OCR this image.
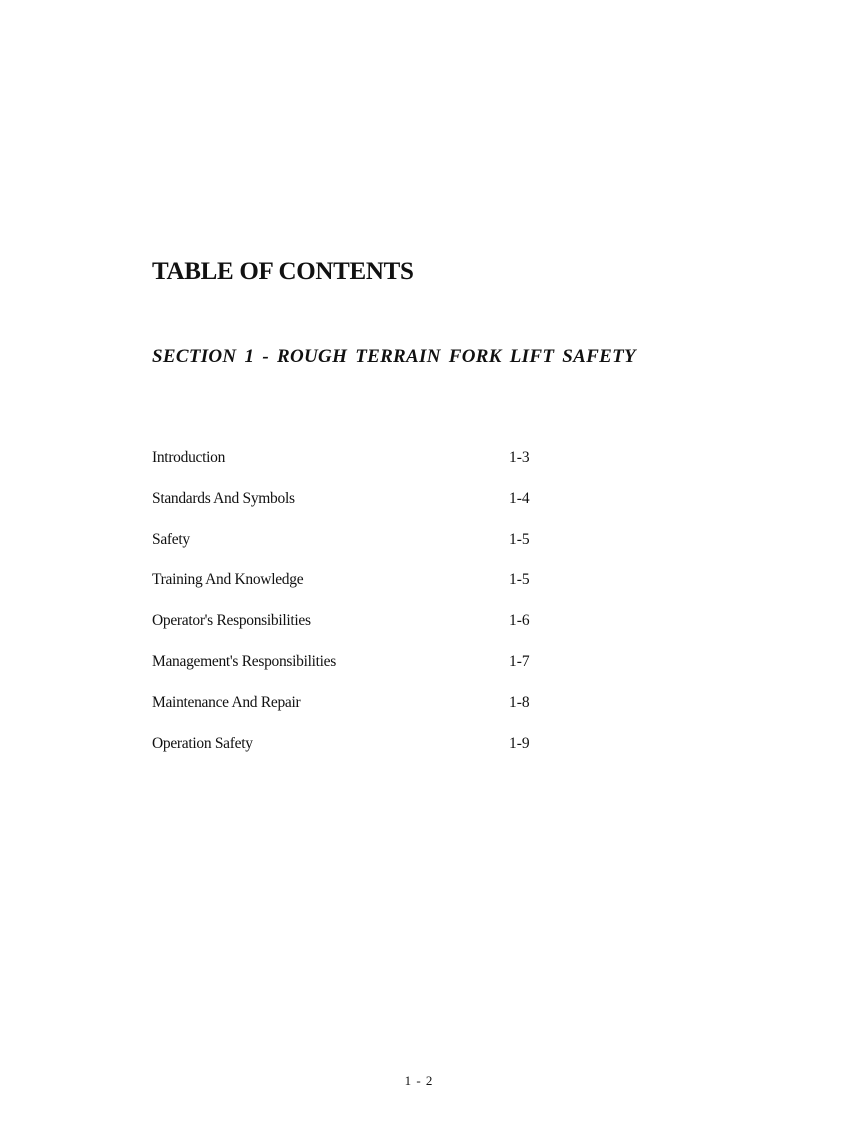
TABLE OF CONTENTS
SECTION 1 - ROUGH TERRAIN FORK LIFT SAFETY
Introduction	1-3
Standards And Symbols	1-4
Safety	1-5
Training And Knowledge	1-5
Operator's Responsibilities	1-6
Management's Responsibilities	1-7
Maintenance And Repair	1-8
Operation Safety	1-9
1 - 2
